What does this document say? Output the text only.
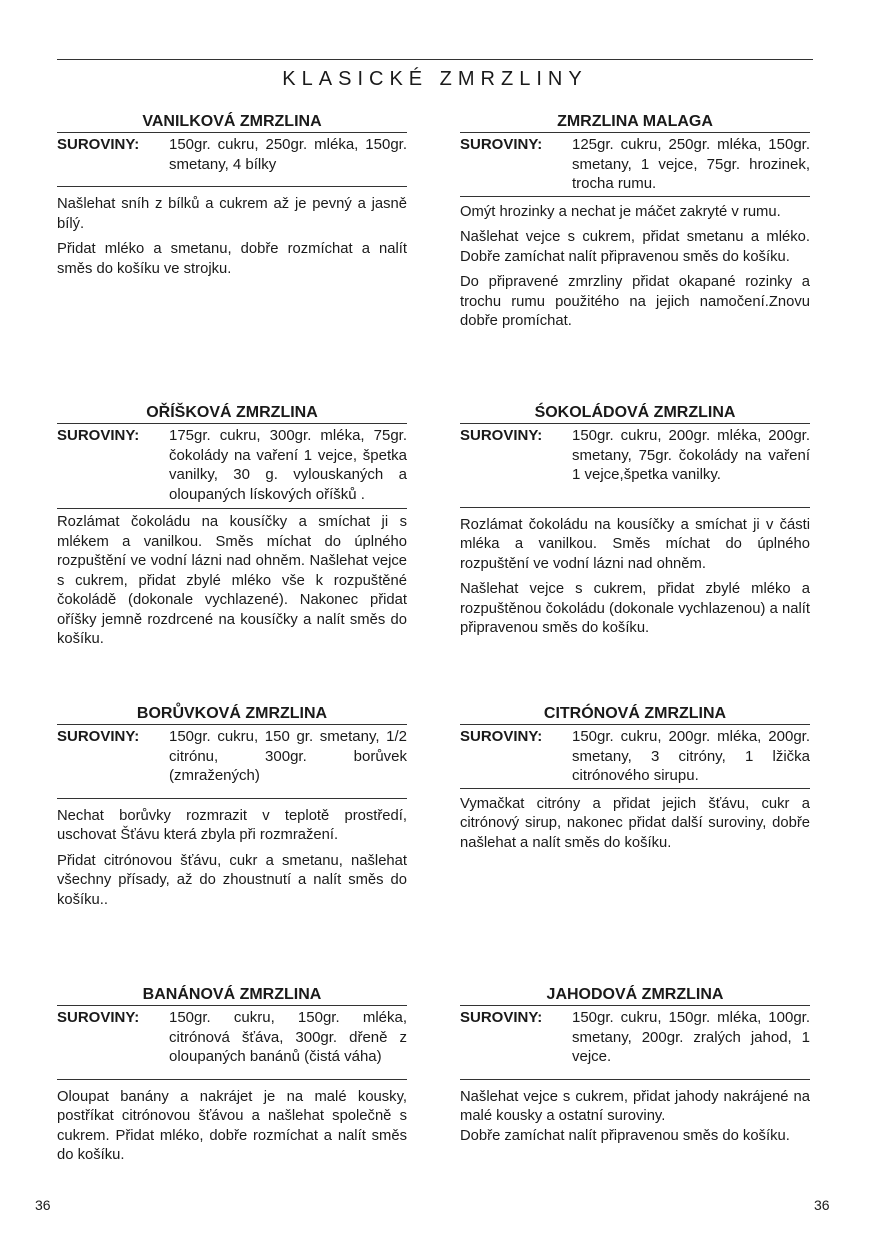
KLASICKÉ ZMRZLINY
VANILKOVÁ ZMRZLINA
SUROVINY:	150gr. cukru, 250gr. mléka, 150gr. smetany, 4 bílky

Našlehat sníh z bílků a cukrem až je pevný a jasně bílý.

Přidat mléko a smetanu, dobře rozmíchat a nalít směs do košíku ve strojku.

ZMRZLINA MALAGA
SUROVINY:	125gr. cukru, 250gr. mléka, 150gr. smetany, 1 vejce, 75gr. hrozinek, trocha rumu.

Omýt hrozinky a nechat je máčet zakryté v rumu.

Našlehat vejce s cukrem, přidat smetanu a mléko. Dobře zamíchat nalít připravenou směs do košíku.

Do připravené zmrzliny přidat okapané rozinky a trochu rumu použitého na jejich namočení.Znovu dobře promíchat.

OŘÍŠKOVÁ ZMRZLINA
SUROVINY:	175gr. cukru, 300gr. mléka, 75gr. čokolády na vaření 1 vejce, špetka vanilky, 30 g. vylouskaných a oloupaných lískových oříšků .

Rozlámat čokoládu na kousíčky a smíchat ji s mlékem a vanilkou. Směs míchat do úplného rozpuštění ve vodní lázni nad ohněm. Našlehat vejce s cukrem, přidat zbylé mléko vše k rozpuštěné čokoládě (dokonale vychlazené). Nakonec přidat oříšky jemně rozdrcené na kousíčky a nalít směs do košíku.

ŚOKOLÁDOVÁ ZMRZLINA
SUROVINY:	150gr. cukru, 200gr. mléka, 200gr. smetany, 75gr. čokolády na vaření 1 vejce,špetka vanilky.

Rozlámat čokoládu na kousíčky a smíchat ji v části mléka a vanilkou. Směs míchat do úplného rozpuštění ve vodní lázni nad ohněm.

Našlehat vejce s cukrem, přidat zbylé mléko a rozpuštěnou čokoládu (dokonale vychlazenou) a nalít připravenou směs do košíku.

BORŮVKOVÁ ZMRZLINA
SUROVINY:	150gr. cukru, 150 gr. smetany, 1/2 citrónu, 300gr. borůvek (zmražených)

Nechat borůvky rozmrazit v teplotě prostředí, uschovat Šťávu která zbyla při rozmražení.

Přidat citrónovou šťávu, cukr a smetanu, našlehat všechny přísady, až do zhoustnutí a nalít směs do košíku..

CITRÓNOVÁ ZMRZLINA
SUROVINY:	150gr. cukru, 200gr. mléka, 200gr. smetany, 3 citróny, 1 lžička citrónového sirupu.

Vymačkat citróny a přidat jejich šťávu, cukr a citrónový sirup, nakonec přidat další suroviny, dobře našlehat a nalít směs do košíku.

BANÁNOVÁ ZMRZLINA
SUROVINY:	150gr. cukru, 150gr. mléka, citrónová šťáva, 300gr. dřeně z oloupaných banánů (čistá váha)

Oloupat banány a nakrájet je na malé kousky, postříkat citrónovou šťávou a našlehat společně s cukrem. Přidat mléko, dobře rozmíchat a nalít směs do košíku.

JAHODOVÁ ZMRZLINA
SUROVINY:	150gr. cukru, 150gr. mléka, 100gr. smetany, 200gr. zralých jahod, 1 vejce.

Našlehat vejce s cukrem, přidat jahody nakrájené na malé kousky a ostatní suroviny.

Dobře zamíchat nalít připravenou směs do košíku.

36	36
